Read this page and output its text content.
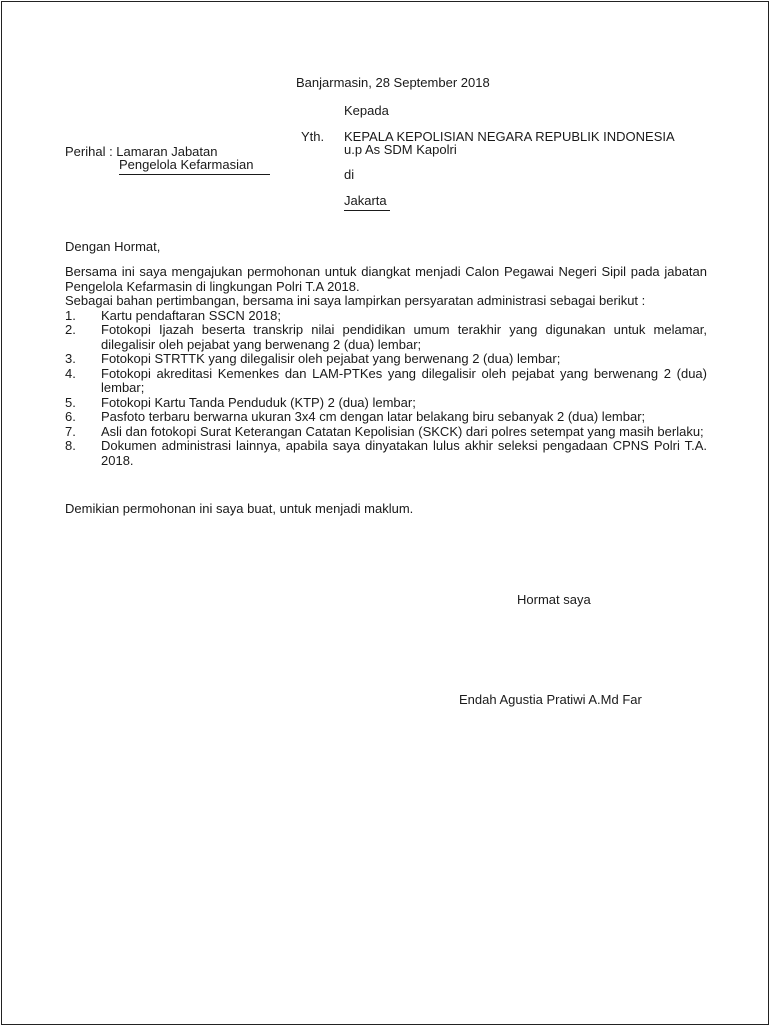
Banjarmasin, 28 September 2018
Kepada
Yth. KEPALA KEPOLISIAN NEGARA REPUBLIK INDONESIA
u.p As SDM Kapolri
Perihal : Lamaran Jabatan
Pengelola Kefarmasian
di
Jakarta
Dengan Hormat,
Bersama ini saya mengajukan permohonan untuk diangkat menjadi Calon Pegawai Negeri Sipil pada jabatan Pengelola Kefarmasin di lingkungan Polri T.A 2018.
Sebagai bahan pertimbangan, bersama ini saya lampirkan persyaratan administrasi sebagai berikut :
1.	Kartu pendaftaran SSCN 2018;
2.	Fotokopi Ijazah beserta transkrip nilai pendidikan umum terakhir yang digunakan untuk melamar, dilegalisir oleh pejabat yang berwenang 2 (dua) lembar;
3.	Fotokopi STRTTK yang dilegalisir oleh pejabat yang berwenang 2 (dua) lembar;
4.	Fotokopi akreditasi Kemenkes dan LAM-PTKes yang dilegalisir oleh pejabat yang berwenang 2 (dua) lembar;
5.	Fotokopi Kartu Tanda Penduduk (KTP) 2 (dua) lembar;
6.	Pasfoto terbaru berwarna ukuran 3x4 cm dengan latar belakang biru sebanyak 2 (dua) lembar;
7.	Asli dan fotokopi Surat Keterangan Catatan Kepolisian (SKCK) dari polres setempat yang masih berlaku;
8.	Dokumen administrasi lainnya, apabila saya dinyatakan lulus akhir seleksi pengadaan CPNS Polri T.A. 2018.
Demikian permohonan ini saya buat, untuk menjadi maklum.
Hormat saya
Endah Agustia Pratiwi A.Md Far
